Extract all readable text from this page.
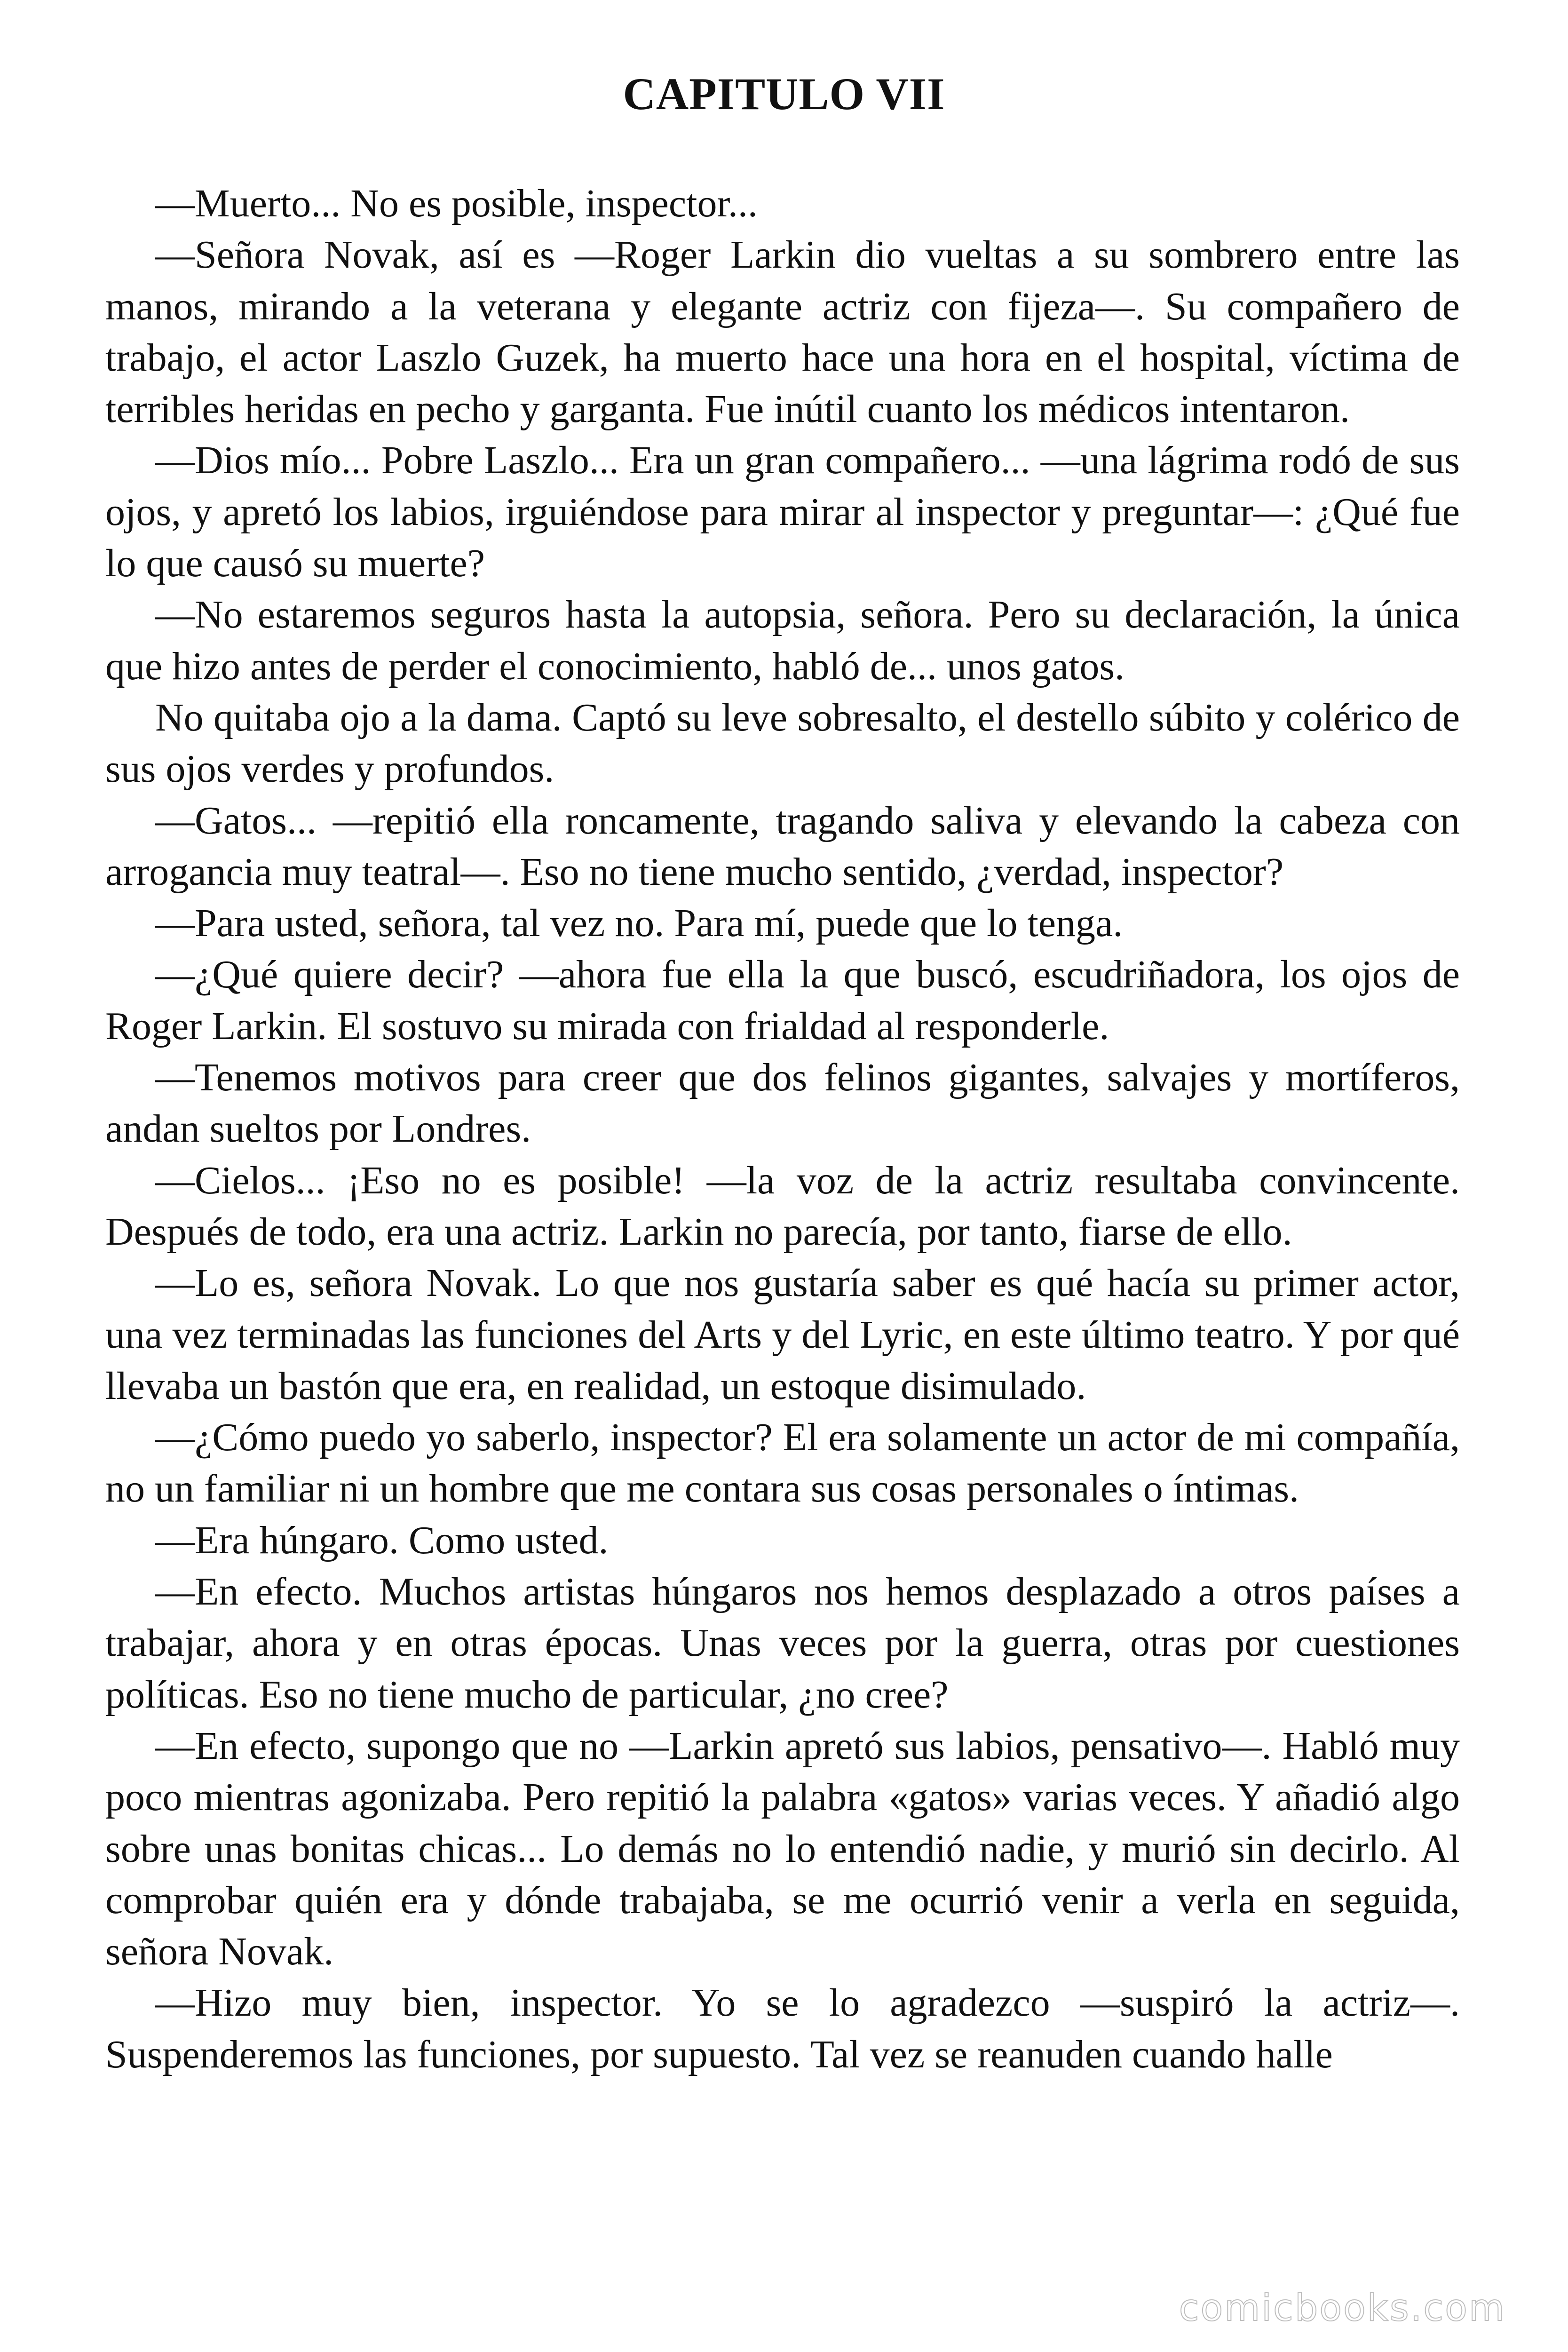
CAPITULO VII

—Muerto... No es posible, inspector...

—Señora Novak, así es —Roger Larkin dio vueltas a su sombrero entre las manos, mirando a la veterana y elegante actriz con fijeza—. Su compañero de trabajo, el actor Laszlo Guzek, ha muerto hace una hora en el hospital, víctima de terribles heridas en pecho y garganta. Fue inútil cuanto los médicos intentaron.

—Dios mío... Pobre Laszlo... Era un gran compañero... —una lágrima rodó de sus ojos, y apretó los labios, irguiéndose para mirar al inspector y preguntar—: ¿Qué fue lo que causó su muerte?

—No estaremos seguros hasta la autopsia, señora. Pero su declaración, la única que hizo antes de perder el conocimiento, habló de... unos gatos.

No quitaba ojo a la dama. Captó su leve sobresalto, el destello súbito y colérico de sus ojos verdes y profundos.

—Gatos... —repitió ella roncamente, tragando saliva y elevando la cabeza con arrogancia muy teatral—. Eso no tiene mucho sentido, ¿verdad, inspector?

—Para usted, señora, tal vez no. Para mí, puede que lo tenga.

—¿Qué quiere decir? —ahora fue ella la que buscó, escudriñadora, los ojos de Roger Larkin. El sostuvo su mirada con frialdad al responderle.

—Tenemos motivos para creer que dos felinos gigantes, salvajes y mortíferos, andan sueltos por Londres.

—Cielos... ¡Eso no es posible! —la voz de la actriz resultaba convincente. Después de todo, era una actriz. Larkin no parecía, por tanto, fiarse de ello.

—Lo es, señora Novak. Lo que nos gustaría saber es qué hacía su primer actor, una vez terminadas las funciones del Arts y del Lyric, en este último teatro. Y por qué llevaba un bastón que era, en realidad, un estoque disimulado.

—¿Cómo puedo yo saberlo, inspector? El era solamente un actor de mi compañía, no un familiar ni un hombre que me contara sus cosas personales o íntimas.

—Era húngaro. Como usted.

—En efecto. Muchos artistas húngaros nos hemos desplazado a otros países a trabajar, ahora y en otras épocas. Unas veces por la guerra, otras por cuestiones políticas. Eso no tiene mucho de particular, ¿no cree?

—En efecto, supongo que no —Larkin apretó sus labios, pensativo—. Habló muy poco mientras agonizaba. Pero repitió la palabra «gatos» varias veces. Y añadió algo sobre unas bonitas chicas... Lo demás no lo entendió nadie, y murió sin decirlo. Al comprobar quién era y dónde trabajaba, se me ocurrió venir a verla en seguida, señora Novak.

—Hizo muy bien, inspector. Yo se lo agradezco —suspiró la actriz—. Suspenderemos las funciones, por supuesto. Tal vez se reanuden cuando halle

comicbooks.com
